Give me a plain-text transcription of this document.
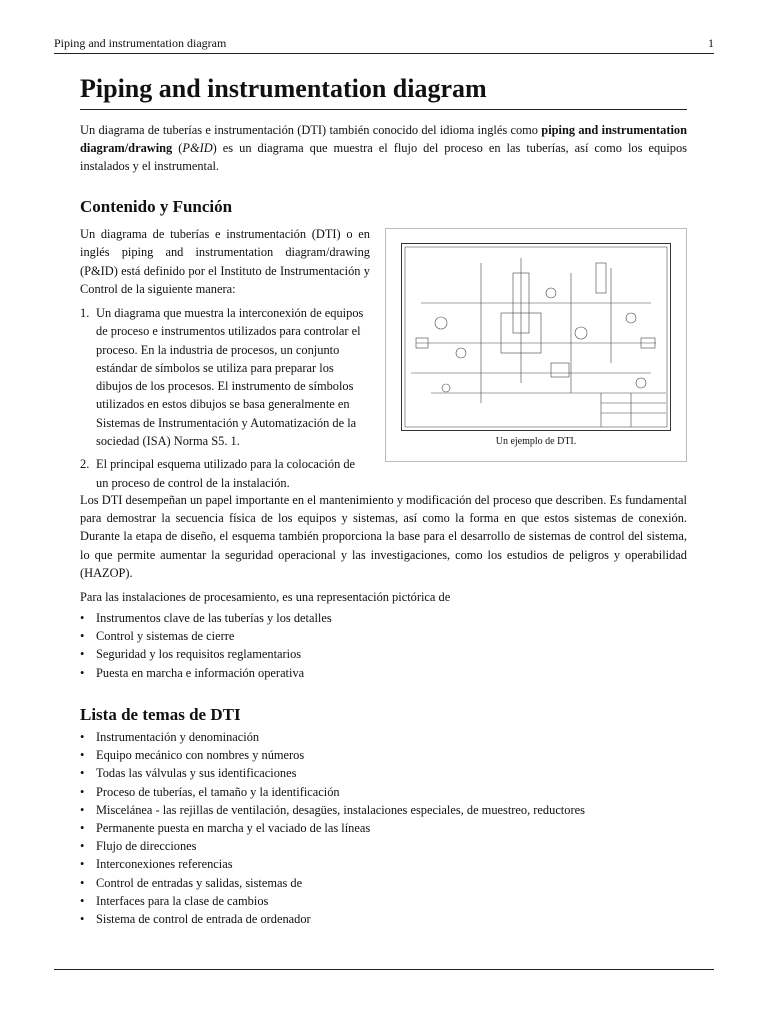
Piping and instrumentation diagram	1
Piping and instrumentation diagram

Un diagrama de tuberías e instrumentación (DTI) también conocido del idioma inglés como piping and instrumentation diagram/drawing (P&ID) es un diagrama que muestra el flujo del proceso en las tuberías, así como los equipos instalados y el instrumental.

Contenido y Función

Un diagrama de tuberías e instrumentación (DTI) o en inglés piping and instrumentation diagram/drawing (P&ID) está definido por el Instituto de Instrumentación y Control de la siguiente manera:

1. Un diagrama que muestra la interconexión de equipos de proceso e instrumentos utilizados para controlar el proceso. En la industria de procesos, un conjunto estándar de símbolos se utiliza para preparar los dibujos de los procesos. El instrumento de símbolos utilizados en estos dibujos se basa generalmente en Sistemas de Instrumentación y Automatización de la sociedad (ISA) Norma S5. 1.
2. El principal esquema utilizado para la colocación de un proceso de control de la instalación.
Un ejemplo de DTI.

Los DTI desempeñan un papel importante en el mantenimiento y modificación del proceso que describen. Es fundamental para demostrar la secuencia física de los equipos y sistemas, así como la forma en que estos sistemas de conexión. Durante la etapa de diseño, el esquema también proporciona la base para el desarrollo de sistemas de control del sistema, lo que permite aumentar la seguridad operacional y las investigaciones, como los estudios de peligros y operabilidad (HAZOP).

Para las instalaciones de procesamiento, es una representación pictórica de

• Instrumentos clave de las tuberías y los detalles
• Control y sistemas de cierre
• Seguridad y los requisitos reglamentarios
• Puesta en marcha e información operativa
Lista de temas de DTI
• Instrumentación y denominación
• Equipo mecánico con nombres y números
• Todas las válvulas y sus identificaciones
• Proceso de tuberías, el tamaño y la identificación
• Miscelánea - las rejillas de ventilación, desagües, instalaciones especiales, de muestreo, reductores
• Permanente puesta en marcha y el vaciado de las líneas
• Flujo de direcciones
• Interconexiones referencias
• Control de entradas y salidas, sistemas de
• Interfaces para la clase de cambios
• Sistema de control de entrada de ordenador
